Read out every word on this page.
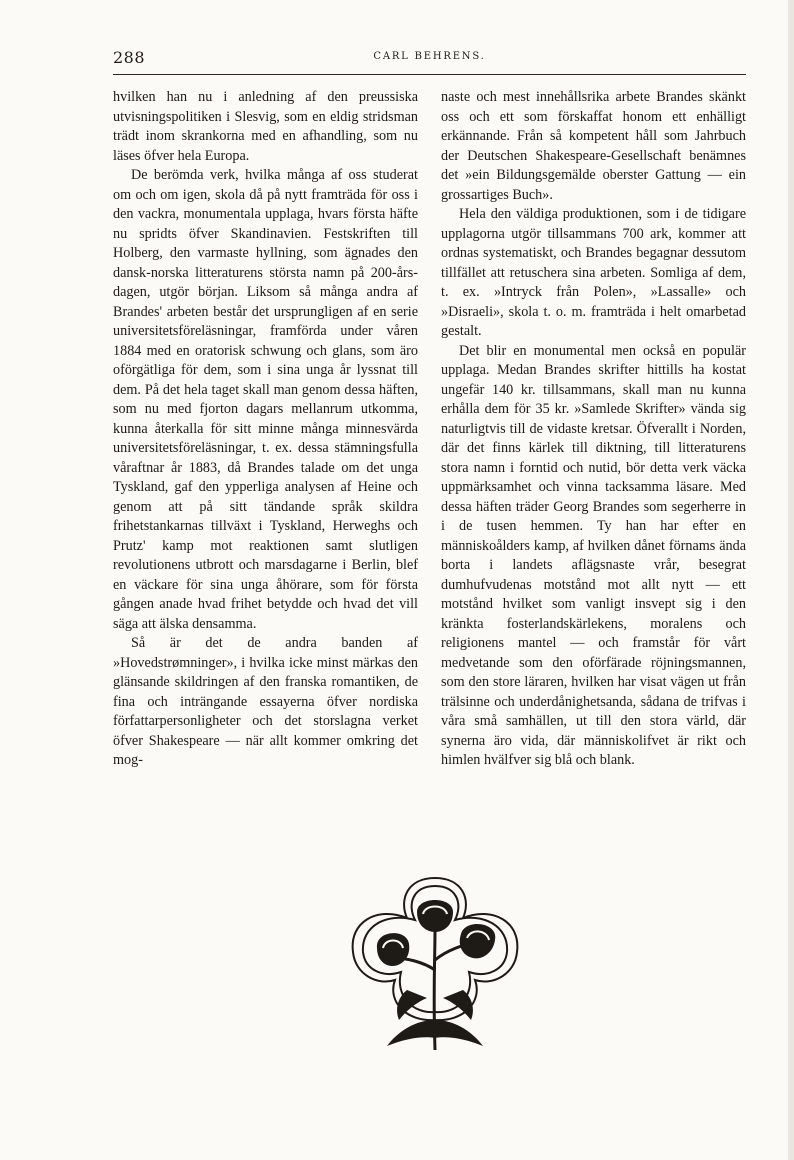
288	CARL BEHRENS.

hvilken han nu i anledning af den preussiska utvisningspolitiken i Slesvig, som en eldig stridsman trädt inom skrankorna med en afhandling, som nu läses öfver hela Europa.

De berömda verk, hvilka många af oss studerat om och om igen, skola då på nytt framträda för oss i den vackra, monumentala upplaga, hvars första häfte nu spridts öfver Skandinavien. Festskriften till Holberg, den varmaste hyllning, som ägnades den dansk-norska litteraturens största namn på 200-års-dagen, utgör början. Liksom så många andra af Brandes' arbeten består det ursprungligen af en serie universitetsföreläsningar, framförda under våren 1884 med en oratorisk schwung och glans, som äro oförgätliga för dem, som i sina unga år lyssnat till dem. På det hela taget skall man genom dessa häften, som nu med fjorton dagars mellanrum utkomma, kunna återkalla för sitt minne många minnesvärda universitetsföreläsningar, t. ex. dessa stämningsfulla våraftnar år 1883, då Brandes talade om det unga Tyskland, gaf den ypperliga analysen af Heine och genom att på sitt tändande språk skildra frihetstankarnas tillväxt i Tyskland, Herweghs och Prutz' kamp mot reaktionen samt slutligen revolutionens utbrott och marsdagarne i Berlin, blef en väckare för sina unga åhörare, som för första gången anade hvad frihet betydde och hvad det vill säga att älska densamma.

Så är det de andra banden af »Hovedstrømninger», i hvilka icke minst märkas den glänsande skildringen af den franska romantiken, de fina och inträngande essayerna öfver nordiska författarpersonligheter och det storslagna verket öfver Shakespeare — när allt kommer omkring det mog-

naste och mest innehållsrika arbete Brandes skänkt oss och ett som förskaffat honom ett enhälligt erkännande. Från så kompetent håll som Jahrbuch der Deutschen Shakespeare-Gesellschaft benämnes det »ein Bildungsgemälde oberster Gattung — ein grossartiges Buch».

Hela den väldiga produktionen, som i de tidigare upplagorna utgör tillsammans 700 ark, kommer att ordnas systematiskt, och Brandes begagnar dessutom tillfället att retuschera sina arbeten. Somliga af dem, t. ex. »Intryck från Polen», »Lassalle» och »Disraeli», skola t. o. m. framträda i helt omarbetad gestalt.

Det blir en monumental men också en populär upplaga. Medan Brandes skrifter hittills ha kostat ungefär 140 kr. tillsammans, skall man nu kunna erhålla dem för 35 kr. »Samlede Skrifter» vända sig naturligtvis till de vidaste kretsar. Öfverallt i Norden, där det finns kärlek till diktning, till litteraturens stora namn i forntid och nutid, bör detta verk väcka uppmärksamhet och vinna tacksamma läsare. Med dessa häften träder Georg Brandes som segerherre in i de tusen hemmen. Ty han har efter en människoålders kamp, af hvilken dånet förnams ända borta i landets aflägsnaste vrår, besegrat dumhufvudenas motstånd mot allt nytt — ett motstånd hvilket som vanligt insvept sig i den kränkta fosterlandskärlekens, moralens och religionens mantel — och framstår för vårt medvetande som den oförfärade röjningsmannen, som den store läraren, hvilken har visat vägen ut från trälsinne och underdånighetsanda, sådana de trifvas i våra små samhällen, ut till den stora värld, där synerna äro vida, där människolifvet är rikt och himlen hvälfver sig blå och blank.
